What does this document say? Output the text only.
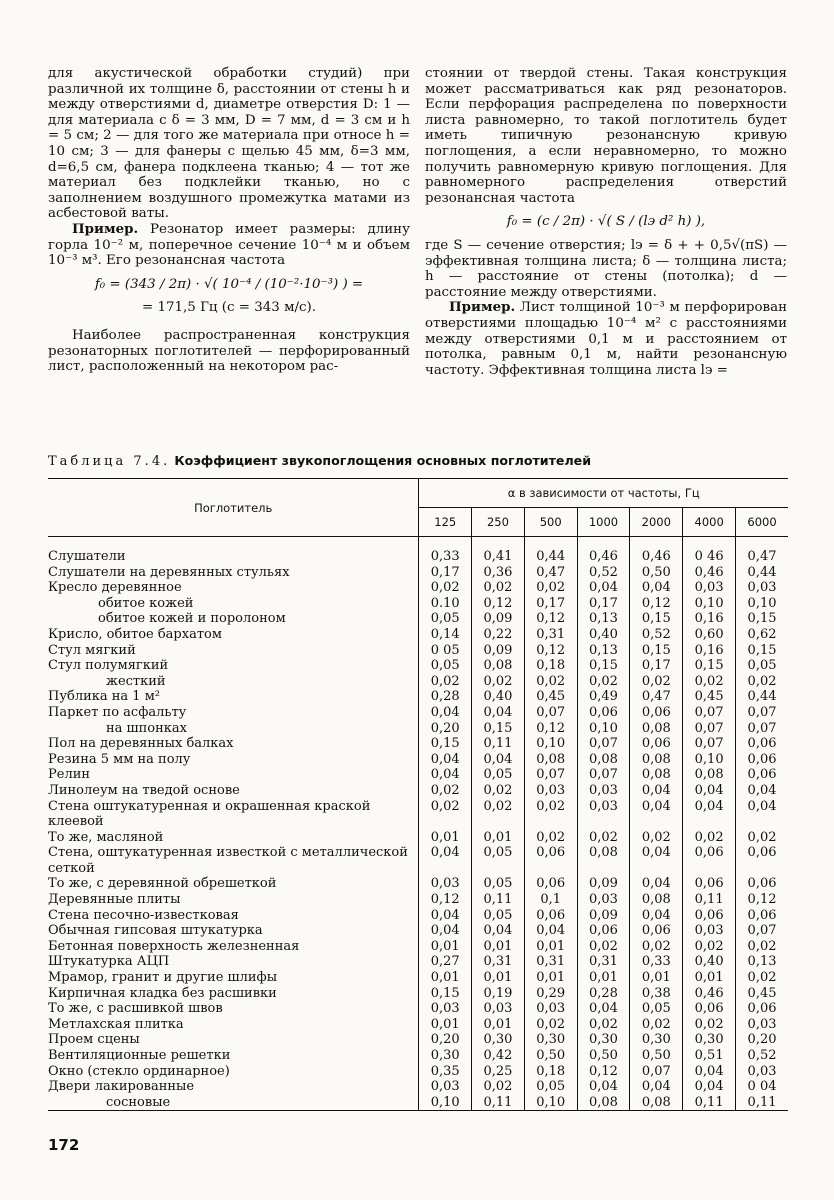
для акустической обработки студий) при различной их толщине δ, расстоянии от стены h и между отверстиями d, диаметре отверстия D: 1 — для материала с δ = 3 мм, D = 7 мм, d = 3 см и h = 5 см; 2 — для того же материала при относе h = 10 см; 3 — для фанеры с щелью 45 мм, δ=3 мм, d=6,5 см, фанера подклеена тканью; 4 — тот же материал без подклейки тканью, но с заполнением воздушного промежутка матами из асбестовой ваты.

Пример. Резонатор имеет размеры: длину горла 10⁻² м, поперечное сечение 10⁻⁴ м и объем 10⁻³ м³. Его резонансная частота

f₀ = (343 / 2π) · √( 10⁻⁴ / (10⁻²·10⁻³) ) =
= 171,5 Гц (c = 343 м/с).

Наиболее распространенная конструкция резонаторных поглотителей — перфорированный лист, расположенный на некотором рас-

стоянии от твердой стены. Такая конструкция может рассматриваться как ряд резонаторов. Если перфорация распределена по поверхности листа равномерно, то такой поглотитель будет иметь типичную резонансную кривую поглощения, а если неравномерно, то можно получить равномерную кривую поглощения. Для равномерного распределения отверстий резонансная частота

f₀ = (c / 2π) · √( S / (lэ d² h) ),

где S — сечение отверстия; lэ = δ + + 0,5√(πS) — эффективная толщина листа; δ — толщина листа; h — расстояние от стены (потолка); d — расстояние между отверстиями.

Пример. Лист толщиной 10⁻³ м перфорирован отверстиями площадью 10⁻⁴ м² с расстояниями между отверстиями 0,1 м и расстоянием от потолка, равным 0,1 м, найти резонансную частоту. Эффективная толщина листа lэ =

Таблица 7.4. Коэффициент звукопоглощения основных поглотителей
Поглотитель	α в зависимости от частоты, Гц						
	125	250	500	1000	2000	4000	6000

Слушатели	0,33	0,41	0,44	0,46	0,46	0 46	0,47
Слушатели на деревянных стульях	0,17	0,36	0,47	0,52	0,50	0,46	0,44
Кресло деревянное	0,02	0,02	0,02	0,04	0,04	0,03	0,03
обитое кожей	0.10	0,12	0,17	0,17	0,12	0,10	0,10
обитое кожей и поролоном	0,05	0,09	0,12	0,13	0,15	0,16	0,15
Крисло, обитое бархатом	0,14	0,22	0,31	0,40	0,52	0,60	0,62
Стул мягкий	0 05	0,09	0,12	0,13	0,15	0,16	0,15
Стул полумягкий	0,05	0,08	0,18	0,15	0,17	0,15	0,05
жесткий	0,02	0,02	0,02	0,02	0,02	0,02	0,02
Публика на 1 м²	0,28	0,40	0,45	0,49	0,47	0,45	0,44
Паркет по асфальту	0,04	0,04	0,07	0,06	0,06	0,07	0,07
на шпонках	0,20	0,15	0,12	0,10	0,08	0,07	0,07
Пол на деревянных балках	0,15	0,11	0,10	0,07	0,06	0,07	0,06
Резина 5 мм на полу	0,04	0,04	0,08	0,08	0,08	0,10	0,06
Релин	0,04	0,05	0,07	0,07	0,08	0,08	0,06
Линолеум на тведой основе	0,02	0,02	0,03	0,03	0,04	0,04	0,04
Стена оштукатуренная и окрашенная краской клеевой	0,02	0,02	0,02	0,03	0,04	0,04	0,04
То же, масляной	0,01	0,01	0,02	0,02	0,02	0,02	0,02
Стена, оштукатуренная известкой с металлической сеткой	0,04	0,05	0,06	0,08	0,04	0,06	0,06
То же, с деревянной обрешеткой	0,03	0,05	0,06	0,09	0,04	0,06	0,06
Деревянные плиты	0,12	0,11	0,1	0,03	0,08	0,11	0,12
Стена песочно-известковая	0,04	0,05	0,06	0,09	0,04	0,06	0,06
Обычная гипсовая штукатурка	0,04	0,04	0,04	0,06	0,06	0,03	0,07
Бетонная поверхность железненная	0,01	0,01	0,01	0,02	0,02	0,02	0,02
Штукатурка АЦП	0,27	0,31	0,31	0,31	0,33	0,40	0,13
Мрамор, гранит и другие шлифы	0,01	0,01	0,01	0,01	0,01	0,01	0,02
Кирпичная кладка без расшивки	0,15	0,19	0,29	0,28	0,38	0,46	0,45
То же, с расшивкой швов	0,03	0,03	0,03	0,04	0,05	0,06	0,06
Метлахская плитка	0,01	0,01	0,02	0,02	0,02	0,02	0,03
Проем сцены	0,20	0,30	0,30	0,30	0,30	0,30	0,20
Вентиляционные решетки	0,30	0,42	0,50	0,50	0,50	0,51	0,52
Окно (стекло ординарное)	0,35	0,25	0,18	0,12	0,07	0,04	0,03
Двери лакированные	0,03	0,02	0,05	0,04	0,04	0,04	0 04
сосновые	0,10	0,11	0,10	0,08	0,08	0,11	0,11
172
